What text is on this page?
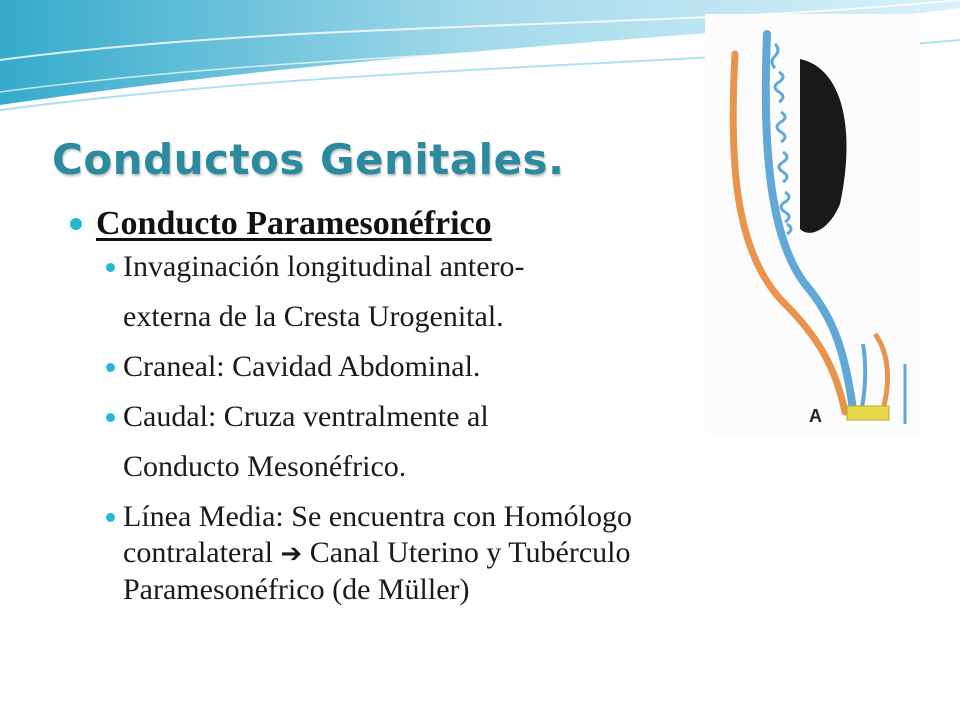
Conductos Genitales.
Conducto Paramesonéfrico
Invaginación longitudinal antero-
externa de la Cresta Urogenital.
Craneal: Cavidad Abdominal.
Caudal: Cruza ventralmente al
Conducto Mesonéfrico.
Línea Media: Se encuentra con Homólogo
contralateral ➔ Canal Uterino y Tubérculo
Paramesonéfrico (de Müller)
A
